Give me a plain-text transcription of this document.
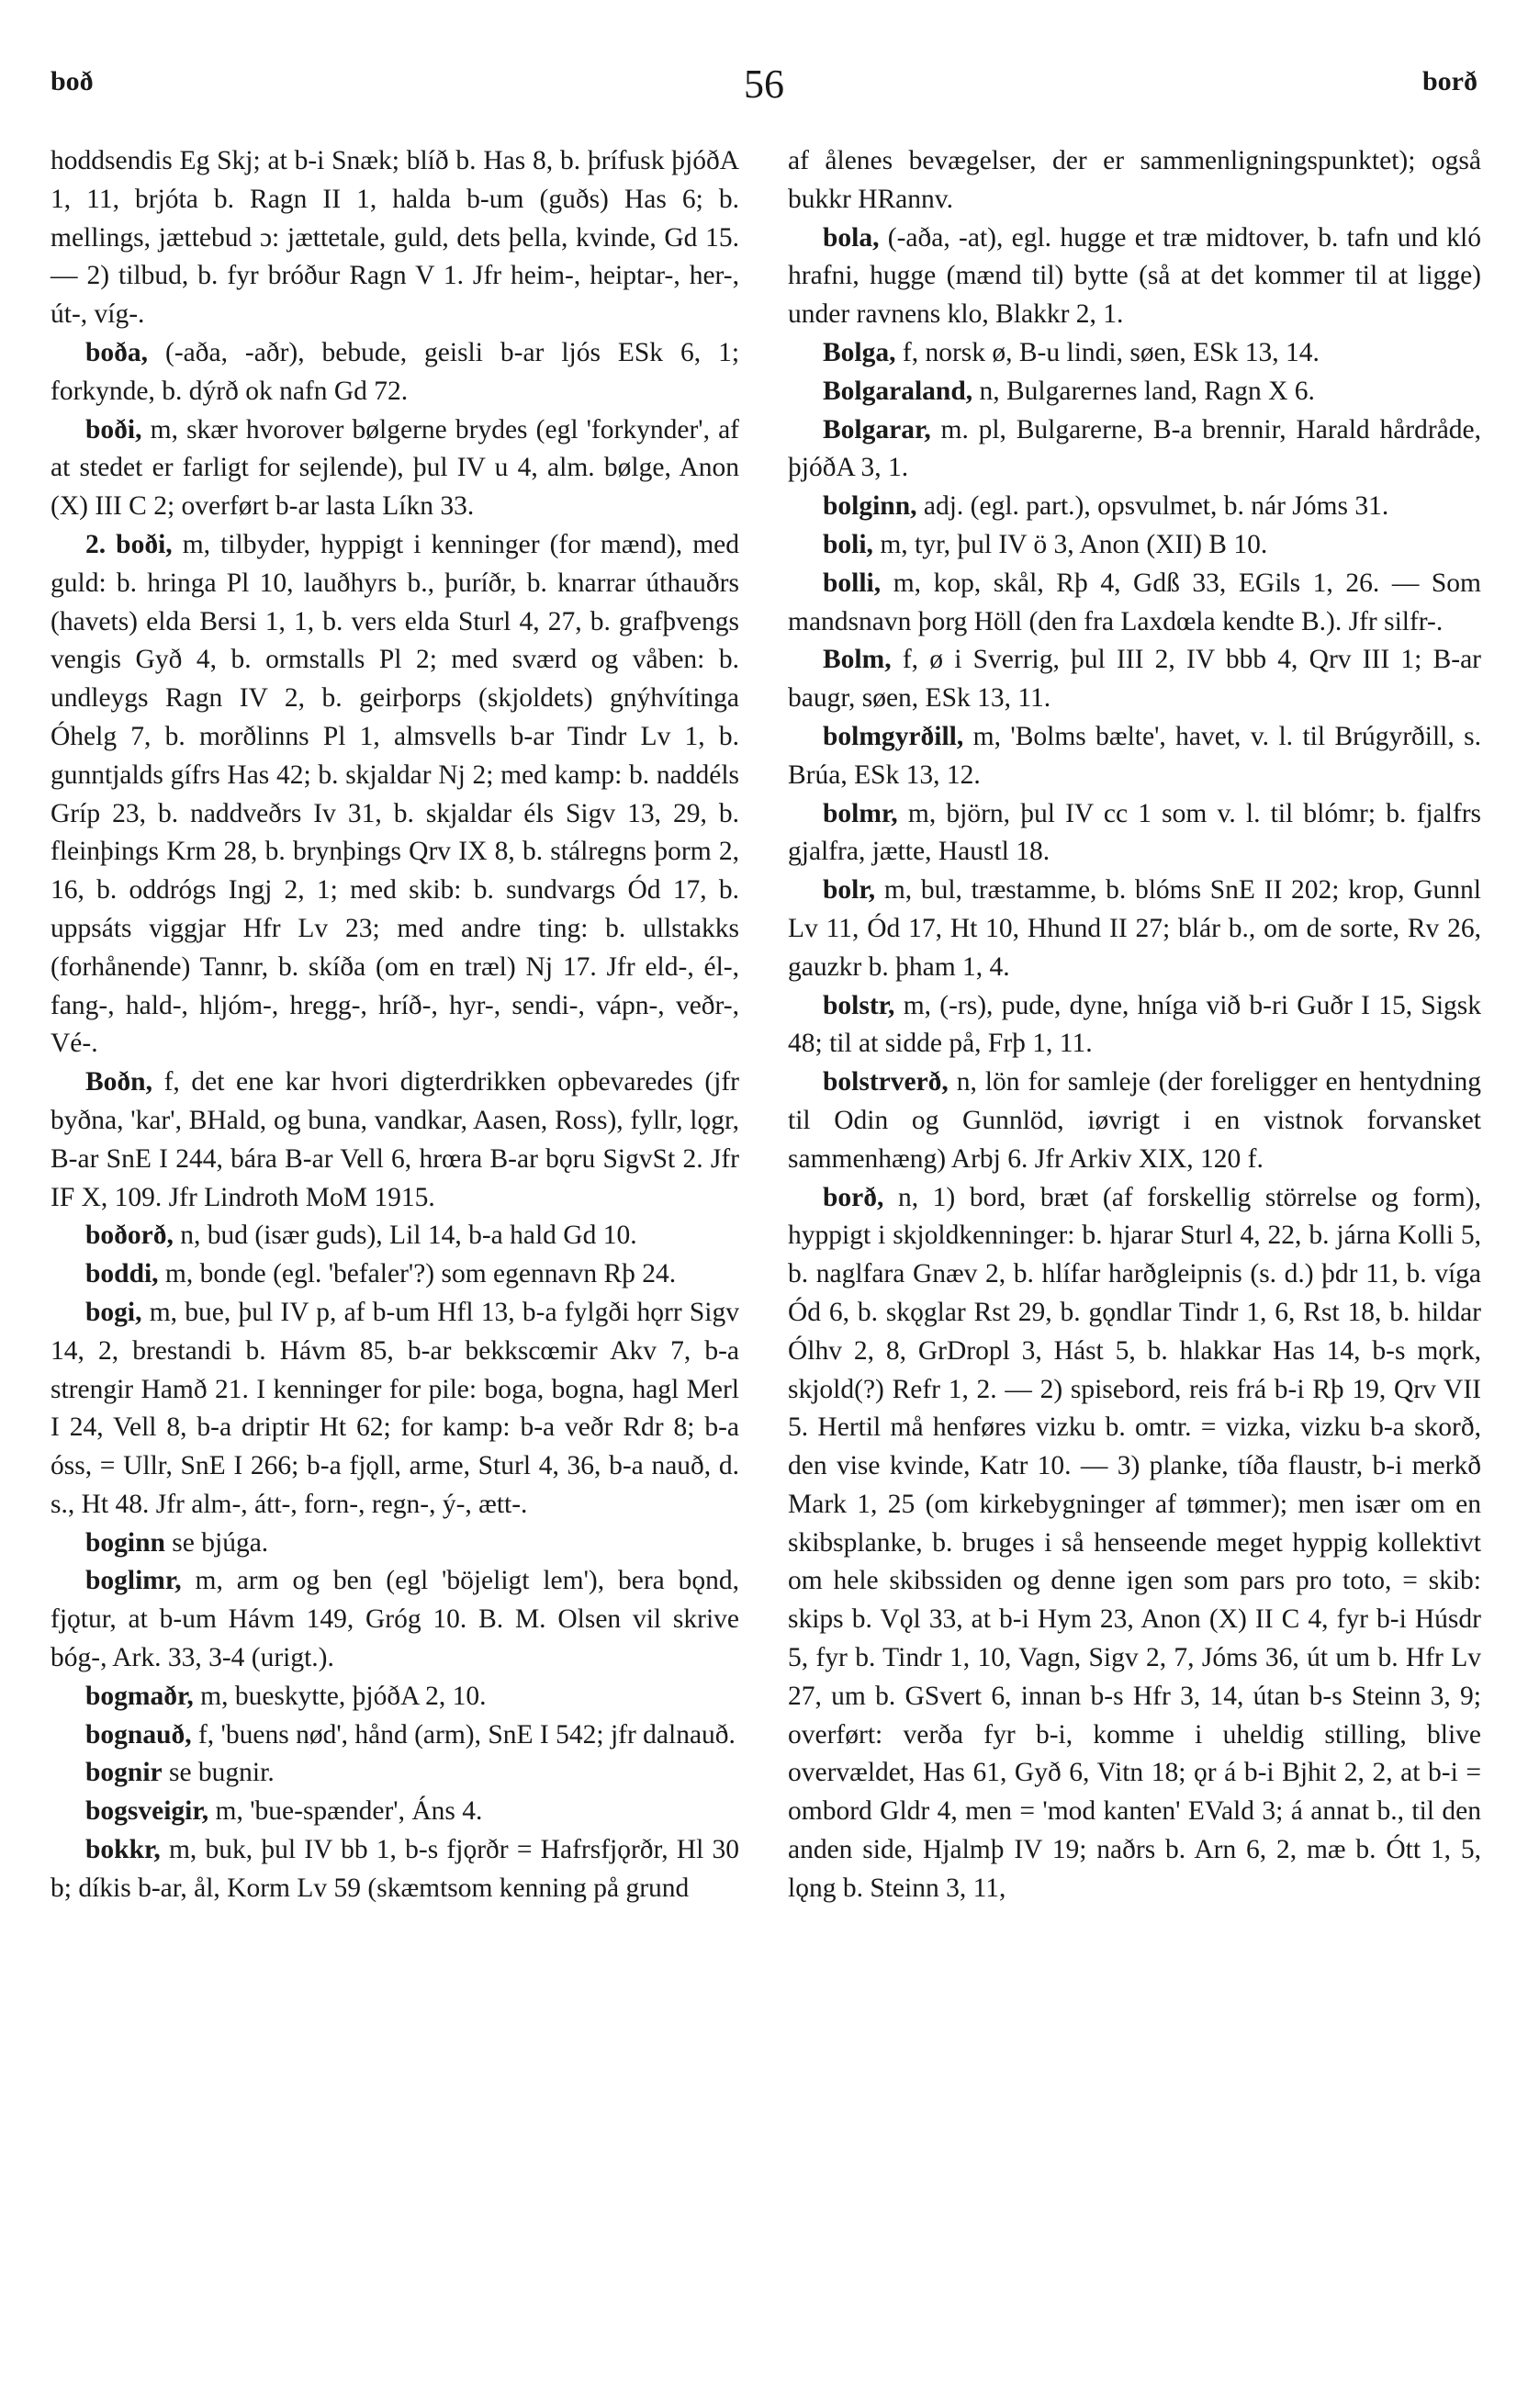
boð	56	borð

hoddsendis Eg Skj; at b-i Snæk; blíð b. Has 8, b. þrífusk þjóðA 1, 11, brjóta b. Ragn II 1, halda b-um (guðs) Has 6; b. mellings, jættebud ɔ: jættetale, guld, dets þella, kvinde, Gd 15. — 2) tilbud, b. fyr bróður Ragn V 1. Jfr heim-, heiptar-, her-, út-, víg-.

boða, (-aða, -aðr), bebude, geisli b-ar ljós ESk 6, 1; forkynde, b. dýrð ok nafn Gd 72.

boði, m, skær hvorover bølgerne brydes (egl 'forkynder', af at stedet er farligt for sejlende), þul IV u 4, alm. bølge, Anon (X) III C 2; overført b-ar lasta Líkn 33.

2. boði, m, tilbyder, hyppigt i kenninger (for mænd), med guld: b. hringa Pl 10, lauðhyrs b., þuríðr, b. knarrar úthauðrs (havets) elda Bersi 1, 1, b. vers elda Sturl 4, 27, b. grafþvengs vengis Gyð 4, b. ormstalls Pl 2; med sværd og våben: b. undleygs Ragn IV 2, b. geirþorps (skjoldets) gnýhvítinga Óhelg 7, b. morðlinns Pl 1, almsvells b-ar Tindr Lv 1, b. gunntjalds gífrs Has 42; b. skjaldar Nj 2; med kamp: b. naddéls Gríp 23, b. naddveðrs Iv 31, b. skjaldar éls Sigv 13, 29, b. fleinþings Krm 28, b. brynþings Qrv IX 8, b. stálregns þorm 2, 16, b. oddrógs Ingj 2, 1; med skib: b. sundvargs Ód 17, b. uppsáts viggjar Hfr Lv 23; med andre ting: b. ullstakks (forhånende) Tannr, b. skíða (om en træl) Nj 17. Jfr eld-, él-, fang-, hald-, hljóm-, hregg-, hríð-, hyr-, sendi-, vápn-, veðr-, Vé-.

Boðn, f, det ene kar hvori digterdrikken opbevaredes (jfr byðna, 'kar', BHald, og buna, vandkar, Aasen, Ross), fyllr, lǫgr, B-ar SnE I 244, bára B-ar Vell 6, hrœra B-ar bǫru SigvSt 2. Jfr IF X, 109. Jfr Lindroth MoM 1915.

boðorð, n, bud (især guds), Lil 14, b-a hald Gd 10.

boddi, m, bonde (egl. 'befaler'?) som egennavn Rþ 24.

bogi, m, bue, þul IV p, af b-um Hfl 13, b-a fylgði hǫrr Sigv 14, 2, brestandi b. Hávm 85, b-ar bekkscœmir Akv 7, b-a strengir Hamð 21. I kenninger for pile: boga, bogna, hagl Merl I 24, Vell 8, b-a driptir Ht 62; for kamp: b-a veðr Rdr 8; b-a óss, = Ullr, SnE I 266; b-a fjǫll, arme, Sturl 4, 36, b-a nauð, d. s., Ht 48. Jfr alm-, átt-, forn-, regn-, ý-, ætt-.

boginn se bjúga.

boglimr, m, arm og ben (egl 'böjeligt lem'), bera bǫnd, fjǫtur, at b-um Hávm 149, Gróg 10. B. M. Olsen vil skrive bóg-, Ark. 33, 3-4 (urigt.).

bogmaðr, m, bueskytte, þjóðA 2, 10.

bognauð, f, 'buens nød', hånd (arm), SnE I 542; jfr dalnauð.

bognir se bugnir.

bogsveigir, m, 'bue-spænder', Áns 4.

bokkr, m, buk, þul IV bb 1, b-s fjǫrðr = Hafrsfjǫrðr, Hl 30 b; díkis b-ar, ål, Korm Lv 59 (skæmtsom kenning på grund

af ålenes bevægelser, der er sammenligningspunktet); også bukkr HRannv.

bola, (-aða, -at), egl. hugge et træ midtover, b. tafn und kló hrafni, hugge (mænd til) bytte (så at det kommer til at ligge) under ravnens klo, Blakkr 2, 1.

Bolga, f, norsk ø, B-u lindi, søen, ESk 13, 14.

Bolgaraland, n, Bulgarernes land, Ragn X 6.

Bolgarar, m. pl, Bulgarerne, B-a brennir, Harald hårdråde, þjóðA 3, 1.

bolginn, adj. (egl. part.), opsvulmet, b. nár Jóms 31.

boli, m, tyr, þul IV ö 3, Anon (XII) B 10.

bolli, m, kop, skål, Rþ 4, Gdß 33, EGils 1, 26. — Som mandsnavn þorg Höll (den fra Laxdœla kendte B.). Jfr silfr-.

Bolm, f, ø i Sverrig, þul III 2, IV bbb 4, Qrv III 1; B-ar baugr, søen, ESk 13, 11.

bolmgyrðill, m, 'Bolms bælte', havet, v. l. til Brúgyrðill, s. Brúa, ESk 13, 12.

bolmr, m, björn, þul IV cc 1 som v. l. til blómr; b. fjalfrs gjalfra, jætte, Haustl 18.

bolr, m, bul, træstamme, b. blóms SnE II 202; krop, Gunnl Lv 11, Ód 17, Ht 10, Hhund II 27; blár b., om de sorte, Rv 26, gauzkr b. þham 1, 4.

bolstr, m, (-rs), pude, dyne, hníga við b-ri Guðr I 15, Sigsk 48; til at sidde på, Frþ 1, 11.

bolstrverð, n, lön for samleje (der foreligger en hentydning til Odin og Gunnlöd, iøvrigt i en vistnok forvansket sammenhæng) Arbj 6. Jfr Arkiv XIX, 120 f.

borð, n, 1) bord, bræt (af forskellig störrelse og form), hyppigt i skjoldkenninger: b. hjarar Sturl 4, 22, b. járna Kolli 5, b. naglfara Gnæv 2, b. hlífar harðgleipnis (s. d.) þdr 11, b. víga Ód 6, b. skǫglar Rst 29, b. gǫndlar Tindr 1, 6, Rst 18, b. hildar Ólhv 2, 8, GrDropl 3, Hást 5, b. hlakkar Has 14, b-s mǫrk, skjold(?) Refr 1, 2. — 2) spisebord, reis frá b-i Rþ 19, Qrv VII 5. Hertil må henføres vizku b. omtr. = vizka, vizku b-a skorð, den vise kvinde, Katr 10. — 3) planke, tíða flaustr, b-i merkð Mark 1, 25 (om kirkebygninger af tømmer); men især om en skibsplanke, b. bruges i så henseende meget hyppig kollektivt om hele skibssiden og denne igen som pars pro toto, = skib: skips b. Vǫl 33, at b-i Hym 23, Anon (X) II C 4, fyr b-i Húsdr 5, fyr b. Tindr 1, 10, Vagn, Sigv 2, 7, Jóms 36, út um b. Hfr Lv 27, um b. GSvert 6, innan b-s Hfr 3, 14, útan b-s Steinn 3, 9; overført: verða fyr b-i, komme i uheldig stilling, blive overvældet, Has 61, Gyð 6, Vitn 18; ǫr á b-i Bjhit 2, 2, at b-i = ombord Gldr 4, men = 'mod kanten' EVald 3; á annat b., til den anden side, Hjalmþ IV 19; naðrs b. Arn 6, 2, mæ b. Ótt 1, 5, lǫng b. Steinn 3, 11,
